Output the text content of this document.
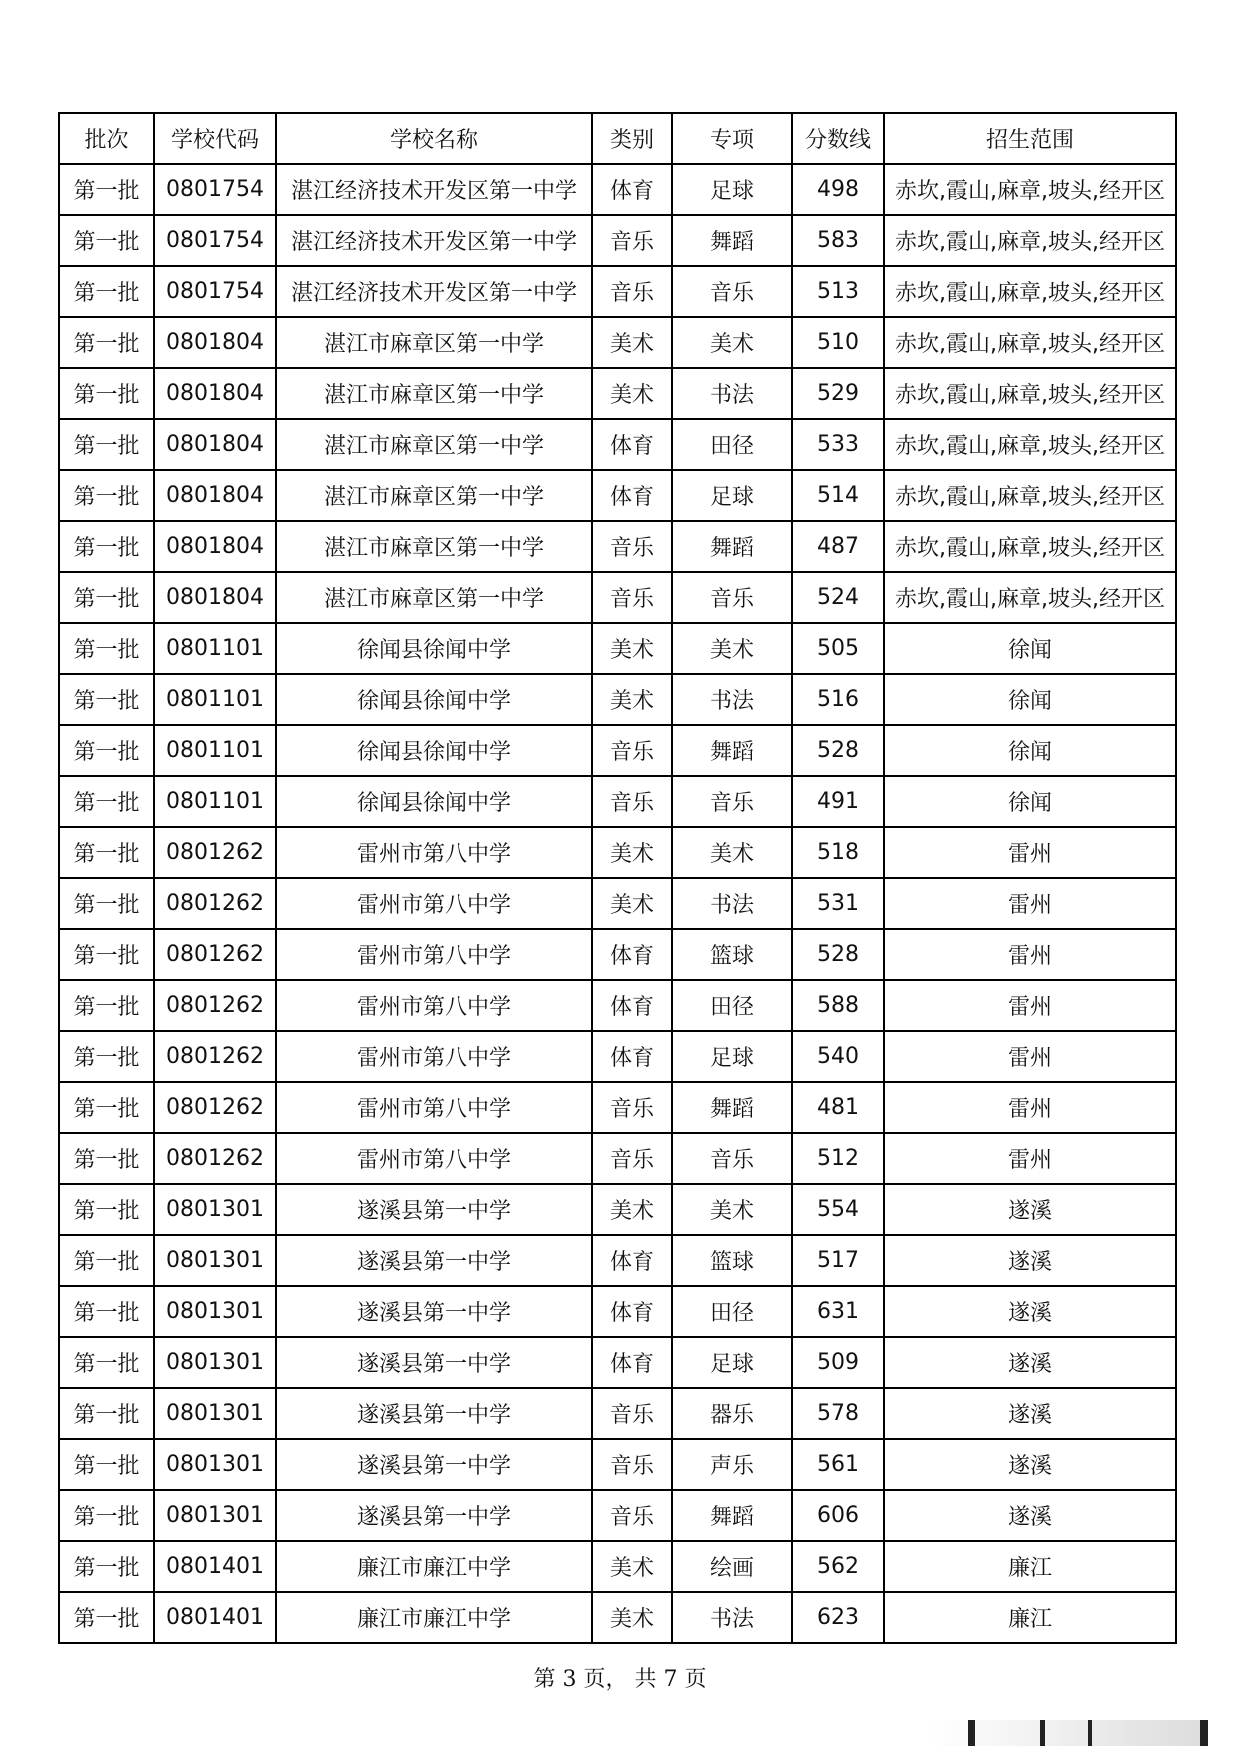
批次	学校代码	学校名称	类别	专项	分数线	招生范围
第一批	0801754	湛江经济技术开发区第一中学	体育	足球	498	赤坎,霞山,麻章,坡头,经开区
第一批	0801754	湛江经济技术开发区第一中学	音乐	舞蹈	583	赤坎,霞山,麻章,坡头,经开区
第一批	0801754	湛江经济技术开发区第一中学	音乐	音乐	513	赤坎,霞山,麻章,坡头,经开区
第一批	0801804	湛江市麻章区第一中学	美术	美术	510	赤坎,霞山,麻章,坡头,经开区
第一批	0801804	湛江市麻章区第一中学	美术	书法	529	赤坎,霞山,麻章,坡头,经开区
第一批	0801804	湛江市麻章区第一中学	体育	田径	533	赤坎,霞山,麻章,坡头,经开区
第一批	0801804	湛江市麻章区第一中学	体育	足球	514	赤坎,霞山,麻章,坡头,经开区
第一批	0801804	湛江市麻章区第一中学	音乐	舞蹈	487	赤坎,霞山,麻章,坡头,经开区
第一批	0801804	湛江市麻章区第一中学	音乐	音乐	524	赤坎,霞山,麻章,坡头,经开区
第一批	0801101	徐闻县徐闻中学	美术	美术	505	徐闻
第一批	0801101	徐闻县徐闻中学	美术	书法	516	徐闻
第一批	0801101	徐闻县徐闻中学	音乐	舞蹈	528	徐闻
第一批	0801101	徐闻县徐闻中学	音乐	音乐	491	徐闻
第一批	0801262	雷州市第八中学	美术	美术	518	雷州
第一批	0801262	雷州市第八中学	美术	书法	531	雷州
第一批	0801262	雷州市第八中学	体育	篮球	528	雷州
第一批	0801262	雷州市第八中学	体育	田径	588	雷州
第一批	0801262	雷州市第八中学	体育	足球	540	雷州
第一批	0801262	雷州市第八中学	音乐	舞蹈	481	雷州
第一批	0801262	雷州市第八中学	音乐	音乐	512	雷州
第一批	0801301	遂溪县第一中学	美术	美术	554	遂溪
第一批	0801301	遂溪县第一中学	体育	篮球	517	遂溪
第一批	0801301	遂溪县第一中学	体育	田径	631	遂溪
第一批	0801301	遂溪县第一中学	体育	足球	509	遂溪
第一批	0801301	遂溪县第一中学	音乐	器乐	578	遂溪
第一批	0801301	遂溪县第一中学	音乐	声乐	561	遂溪
第一批	0801301	遂溪县第一中学	音乐	舞蹈	606	遂溪
第一批	0801401	廉江市廉江中学	美术	绘画	562	廉江
第一批	0801401	廉江市廉江中学	美术	书法	623	廉江
第 3 页， 共 7 页
